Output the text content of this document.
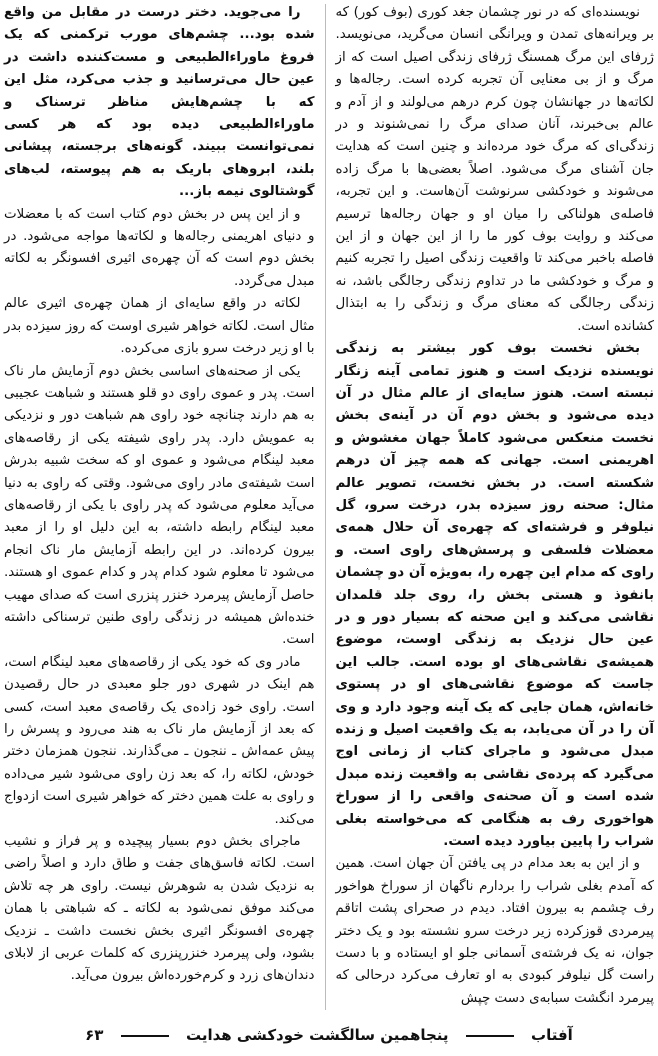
نویسنده‌ای که در نور چشمان جغد کوری (بوف کور) که بر ویرانه‌های تمدن و ویرانگی انسان می‌گرید، می‌نویسد. ژرفای این مرگ همسنگ ژرفای زندگی اصیل است که از مرگ و از بی معنایی آن تجربه کرده است. رجاله‌ها و لکاته‌ها در جهانشان چون کرم درهم می‌لولند و از آدم و عالم بی‌خبرند، آنان صدای مرگ را نمی‌شنوند و در زندگی‌ای که مرگ خود مرده‌اند و چنین است که هدایت جان آشنای مرگ می‌شود. اصلاً بعضی‌ها با مرگ زاده می‌شوند و خودکشی سرنوشت آن‌هاست. و این تجربه، فاصله‌ی هولناکی را میان او و جهان رجاله‌ها ترسیم می‌کند و روایت بوف کور ما را از این جهان و از این فاصله باخبر می‌کند تا واقعیت زندگی اصیل را تجربه کنیم و مرگ و خودکشی ما در تداوم زندگی رجالگی باشد، نه زندگی رجالگی که معنای مرگ و زندگی را به ابتذال کشانده است.

بخش نخست بوف کور بیشتر به زندگی نویسنده نزدیک است و هنوز تمامی آینه زنگار نبسته است. هنوز سایه‌ای از عالم مثال در آن دیده می‌شود و بخش دوم آن در آینه‌ی بخش نخست منعکس می‌شود کاملاً جهان مغشوش و اهریمنی است. جهانی که همه چیز آن درهم شکسته است. در بخش نخست، تصویر عالم مثال: صحنه روز سیزده بدر، درخت سرو، گل نیلوفر و فرشته‌ای که چهره‌ی آن حلال همه‌ی معضلات فلسفی و پرسش‌های راوی است. و راوی که مدام این چهره را، به‌ویژه آن دو چشمان بانفوذ و هستی بخش را، روی جلد قلمدان نقاشی می‌کند و این صحنه که بسیار دور و در عین حال نزدیک به زندگی اوست، موضوع همیشه‌ی نقاشی‌های او بوده است. جالب این جاست که موضوع نقاشی‌های او در پستوی خانه‌اش، همان جایی که یک آینه وجود دارد و وی آن را در آن می‌یابد، به یک واقعیت اصیل و زنده مبدل می‌شود و ماجرای کتاب از زمانی اوج می‌گیرد که پرده‌ی نقاشی به واقعیت زنده مبدل شده است و آن صحنه‌ی واقعی را از سوراخ هواخوری رف به هنگامی که می‌خواسته بغلی شراب را پایین بیاورد دیده است.

و از این به بعد مدام در پی یافتن آن جهان است. همین که آمدم بغلی شراب را بردارم ناگهان از سوراخ هواخور رف چشمم به بیرون افتاد. دیدم در صحرای پشت اتاقم پیرمردی قوزکرده زیر درخت سرو نشسته بود و یک دختر جوان، نه یک فرشته‌ی آسمانی جلو او ایستاده و با دست راست گل نیلوفر کبودی به او تعارف می‌کرد درحالی که پیرمرد انگشت سبابه‌ی دست چپش

را می‌جوید. دختر درست در مقابل من واقع شده بود... چشم‌های مورب ترکمنی که یک فروغ ماوراءالطبیعی و مست‌کننده داشت در عین حال می‌ترسانید و جذب می‌کرد، مثل این که با چشم‌هایش مناظر ترسناک و ماوراءالطبیعی دیده بود که هر کسی نمی‌توانست ببیند. گونه‌های برجسته، پیشانی بلند، ابروهای باریک به هم پیوسته، لب‌های گوشتالوی نیمه باز...

و از این پس در بخش دوم کتاب است که با معضلات و دنیای اهریمنی رجاله‌ها و لکاته‌ها مواجه می‌شود. در بخش دوم است که آن چهره‌ی اثیری افسونگر به لکاته مبدل می‌گردد.

لکاته در واقع سایه‌ای از همان چهره‌ی اثیری عالم مثال است. لکاته خواهر شیری اوست که روز سیزده بدر با او زیر درخت سرو بازی می‌کرده.

یکی از صحنه‌های اساسی بخش دوم آزمایش مار ناک است. پدر و عموی راوی دو قلو هستند و شباهت عجیبی به هم دارند چنانچه خود راوی هم شباهت دور و نزدیکی به عمویش دارد. پدر راوی شیفته یکی از رقاصه‌های معبد لینگام می‌شود و عموی او که سخت شبیه بدرش است شیفته‌ی مادر راوی می‌شود. وقتی که راوی به دنیا می‌آید معلوم می‌شود که پدر راوی با یکی از رقاصه‌های معبد لینگام رابطه داشته، به این دلیل او را از معبد بیرون کرده‌اند. در این رابطه آزمایش مار ناک انجام می‌شود تا معلوم شود کدام پدر و کدام عموی او هستند. حاصل آزمایش پیرمرد خنزر پنزری است که صدای مهیب خنده‌اش همیشه در زندگی راوی طنین ترسناکی داشته است.

مادر وی که خود یکی از رقاصه‌های معبد لینگام است، هم اینک در شهری دور جلو معبدی در حال رقصیدن است. راوی خود زاده‌ی یک رقاصه‌ی معبد است، کسی که بعد از آزمایش مار ناک به هند می‌رود و پسرش را پیش عمه‌اش ـ ننجون ـ می‌گذارند. ننجون همزمان دختر خودش، لکاته را، که بعد زن راوی می‌شود شیر می‌داده و راوی به علت همین دختر که خواهر شیری است ازدواج می‌کند.

ماجرای بخش دوم بسیار پیچیده و پر فراز و نشیب است. لکاته فاسق‌های جفت و طاق دارد و اصلاً راضی به نزدیک شدن به شوهرش نیست. راوی هر چه تلاش می‌کند موفق نمی‌شود به لکاته ـ که شباهتی با همان چهره‌ی افسونگر اثیری بخش نخست داشت ـ نزدیک بشود، ولی پیرمرد خنزرپنزری که کلمات عربی از لابلای دندان‌های زرد و کرم‌خورده‌اش بیرون می‌آید.

آفتاب  پنجاهمین سالگشت خودکشی هدایت  ۶۳
